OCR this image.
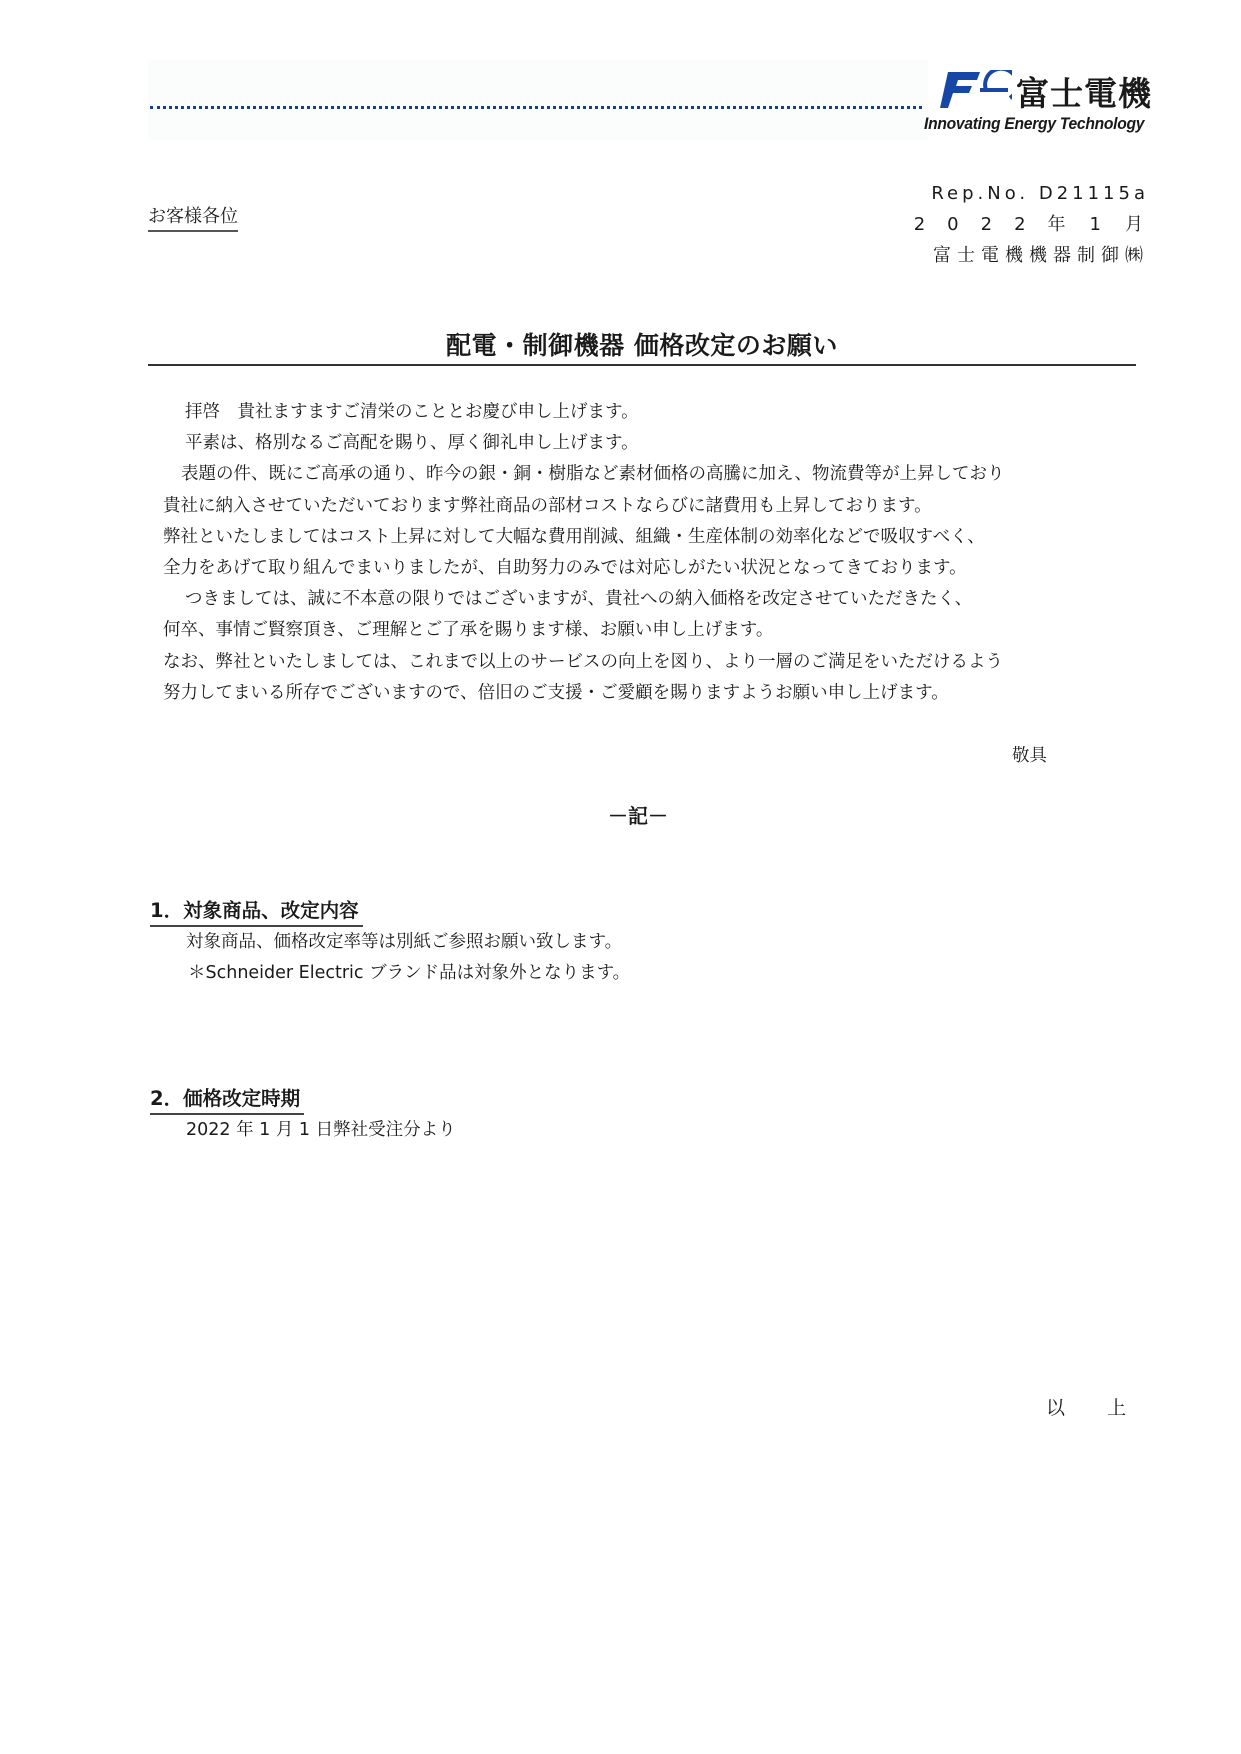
富士電機
Innovating Energy Technology
お客様各位
Rep.No. D21115a
2022年 1 月
富士電機機器制御㈱
配電・制御機器 価格改定のお願い

拝啓　貴社ますますご清栄のこととお慶び申し上げます。

平素は、格別なるご高配を賜り、厚く御礼申し上げます。

表題の件、既にご高承の通り、昨今の銀・銅・樹脂など素材価格の高騰に加え、物流費等が上昇しており

貴社に納入させていただいております弊社商品の部材コストならびに諸費用も上昇しております。

弊社といたしましてはコスト上昇に対して大幅な費用削減、組織・生産体制の効率化などで吸収すべく、

全力をあげて取り組んでまいりましたが、自助努力のみでは対応しがたい状況となってきております。

つきましては、誠に不本意の限りではございますが、貴社への納入価格を改定させていただきたく、

何卒、事情ご賢察頂き、ご理解とご了承を賜ります様、お願い申し上げます。

なお、弊社といたしましては、これまで以上のサービスの向上を図り、より一層のご満足をいただけるよう

努力してまいる所存でございますので、倍旧のご支援・ご愛顧を賜りますようお願い申し上げます。

敬具
－記－
1．対象商品、改定内容

対象商品、価格改定率等は別紙ご参照お願い致します。

＊Schneider Electric ブランド品は対象外となります。

2．価格改定時期

2022 年 1 月 1 日弊社受注分より

以 上
